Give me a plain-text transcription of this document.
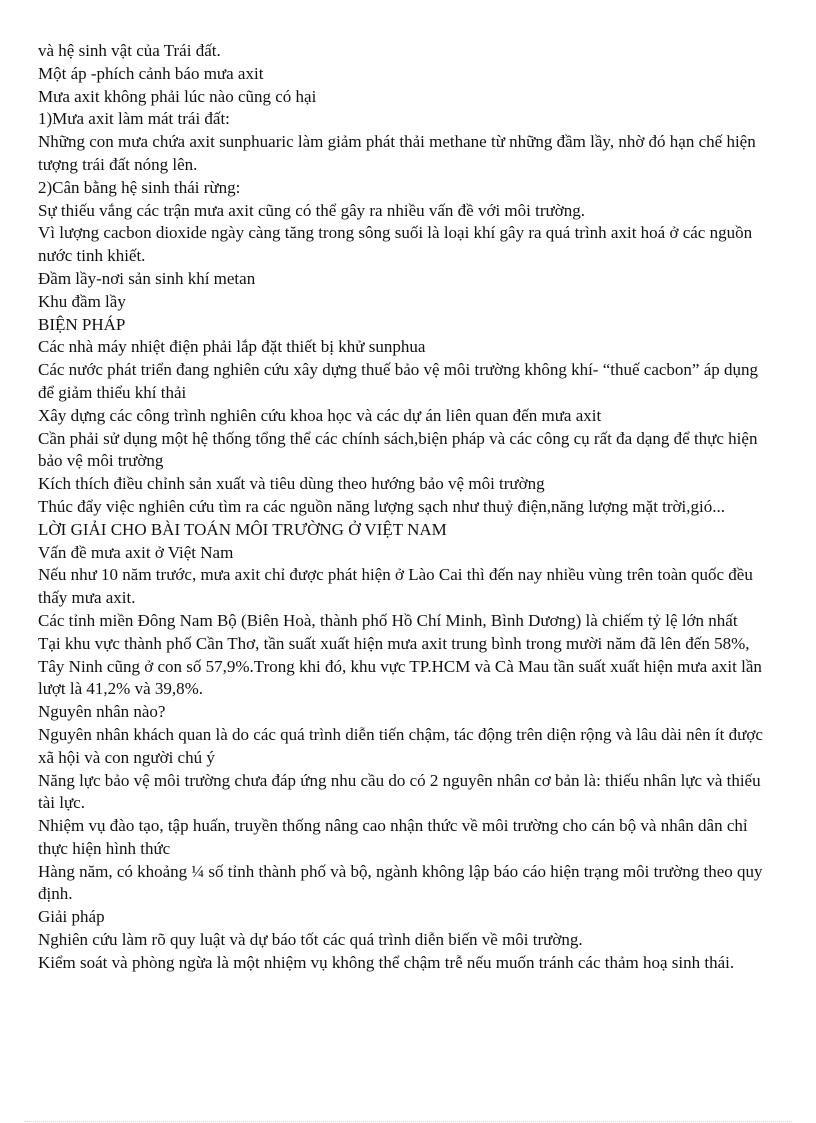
và hệ sinh vật của Trái đất.
Một áp -phích cảnh báo mưa axit
Mưa axit không phải lúc nào cũng có hại
1)Mưa axit làm mát trái đất:
Những con mưa chứa axit sunphuaric làm giảm phát thải methane từ những đầm lầy, nhờ đó hạn chế hiện tượng trái đất nóng lên.
2)Cân bằng hệ sinh thái rừng:
Sự thiếu vắng các trận mưa axit cũng có thể gây ra nhiều vấn đề với môi trường.
Vì lượng cacbon dioxide ngày càng tăng trong sông suối là loại khí gây ra quá trình axit hoá ở các nguồn nước tinh khiết.
Đầm lầy-nơi sản sinh khí metan
Khu đầm lầy
BIỆN PHÁP
Các nhà máy nhiệt điện phải lắp đặt thiết bị khử sunphua
Các nước phát triển đang nghiên cứu xây dựng thuế bảo vệ môi trường không khí- “thuế cacbon” áp dụng để giảm thiểu khí thải
Xây dựng các công trình nghiên cứu khoa học và các dự án liên quan đến mưa axit
Cần phải sử dụng một hệ thống tổng thể các chính sách,biện pháp và các công cụ rất đa dạng để thực hiện bảo vệ môi trường
Kích thích điều chỉnh sản xuất và tiêu dùng theo hướng bảo vệ môi trường
Thúc đẩy việc nghiên cứu tìm ra các nguồn năng lượng sạch như thuỷ điện,năng lượng mặt trời,gió...
LỜI GIẢI CHO BÀI TOÁN MÔI TRƯỜNG Ở VIỆT NAM
Vấn đề mưa axit ở Việt Nam
Nếu như 10 năm trước, mưa axit chỉ được phát hiện ở Lào Cai thì đến nay nhiều vùng trên toàn quốc đều thấy mưa axit.
Các tỉnh miền Đông Nam Bộ (Biên Hoà, thành phố Hồ Chí Minh, Bình Dương) là chiếm tỷ lệ lớn nhất
Tại khu vực thành phố Cần Thơ, tần suất xuất hiện mưa axit trung bình trong mười năm đã lên đến 58%,
Tây Ninh cũng ở con số 57,9%.Trong khi đó, khu vực TP.HCM và Cà Mau tần suất xuất hiện mưa axit lần lượt là 41,2% và 39,8%.
Nguyên nhân nào?
Nguyên nhân khách quan là do các quá trình diễn tiến chậm, tác động trên diện rộng và lâu dài nên ít được xã hội và con người chú ý
Năng lực bảo vệ môi trường chưa đáp ứng nhu cầu do có 2 nguyên nhân cơ bản là: thiếu nhân lực và thiếu tài lực.
Nhiệm vụ đào tạo, tập huấn, truyền thống nâng cao nhận thức về môi trường cho cán bộ và nhân dân chỉ thực hiện hình thức
Hàng năm, có khoảng ¼ số tỉnh thành phố và bộ, ngành không lập báo cáo hiện trạng môi trường theo quy định.
Giải pháp
Nghiên cứu làm rõ quy luật và dự báo tốt các quá trình diễn biến về môi trường.
Kiểm soát và phòng ngừa là một nhiệm vụ không thể chậm trễ nếu muốn tránh các thảm hoạ sinh thái.
